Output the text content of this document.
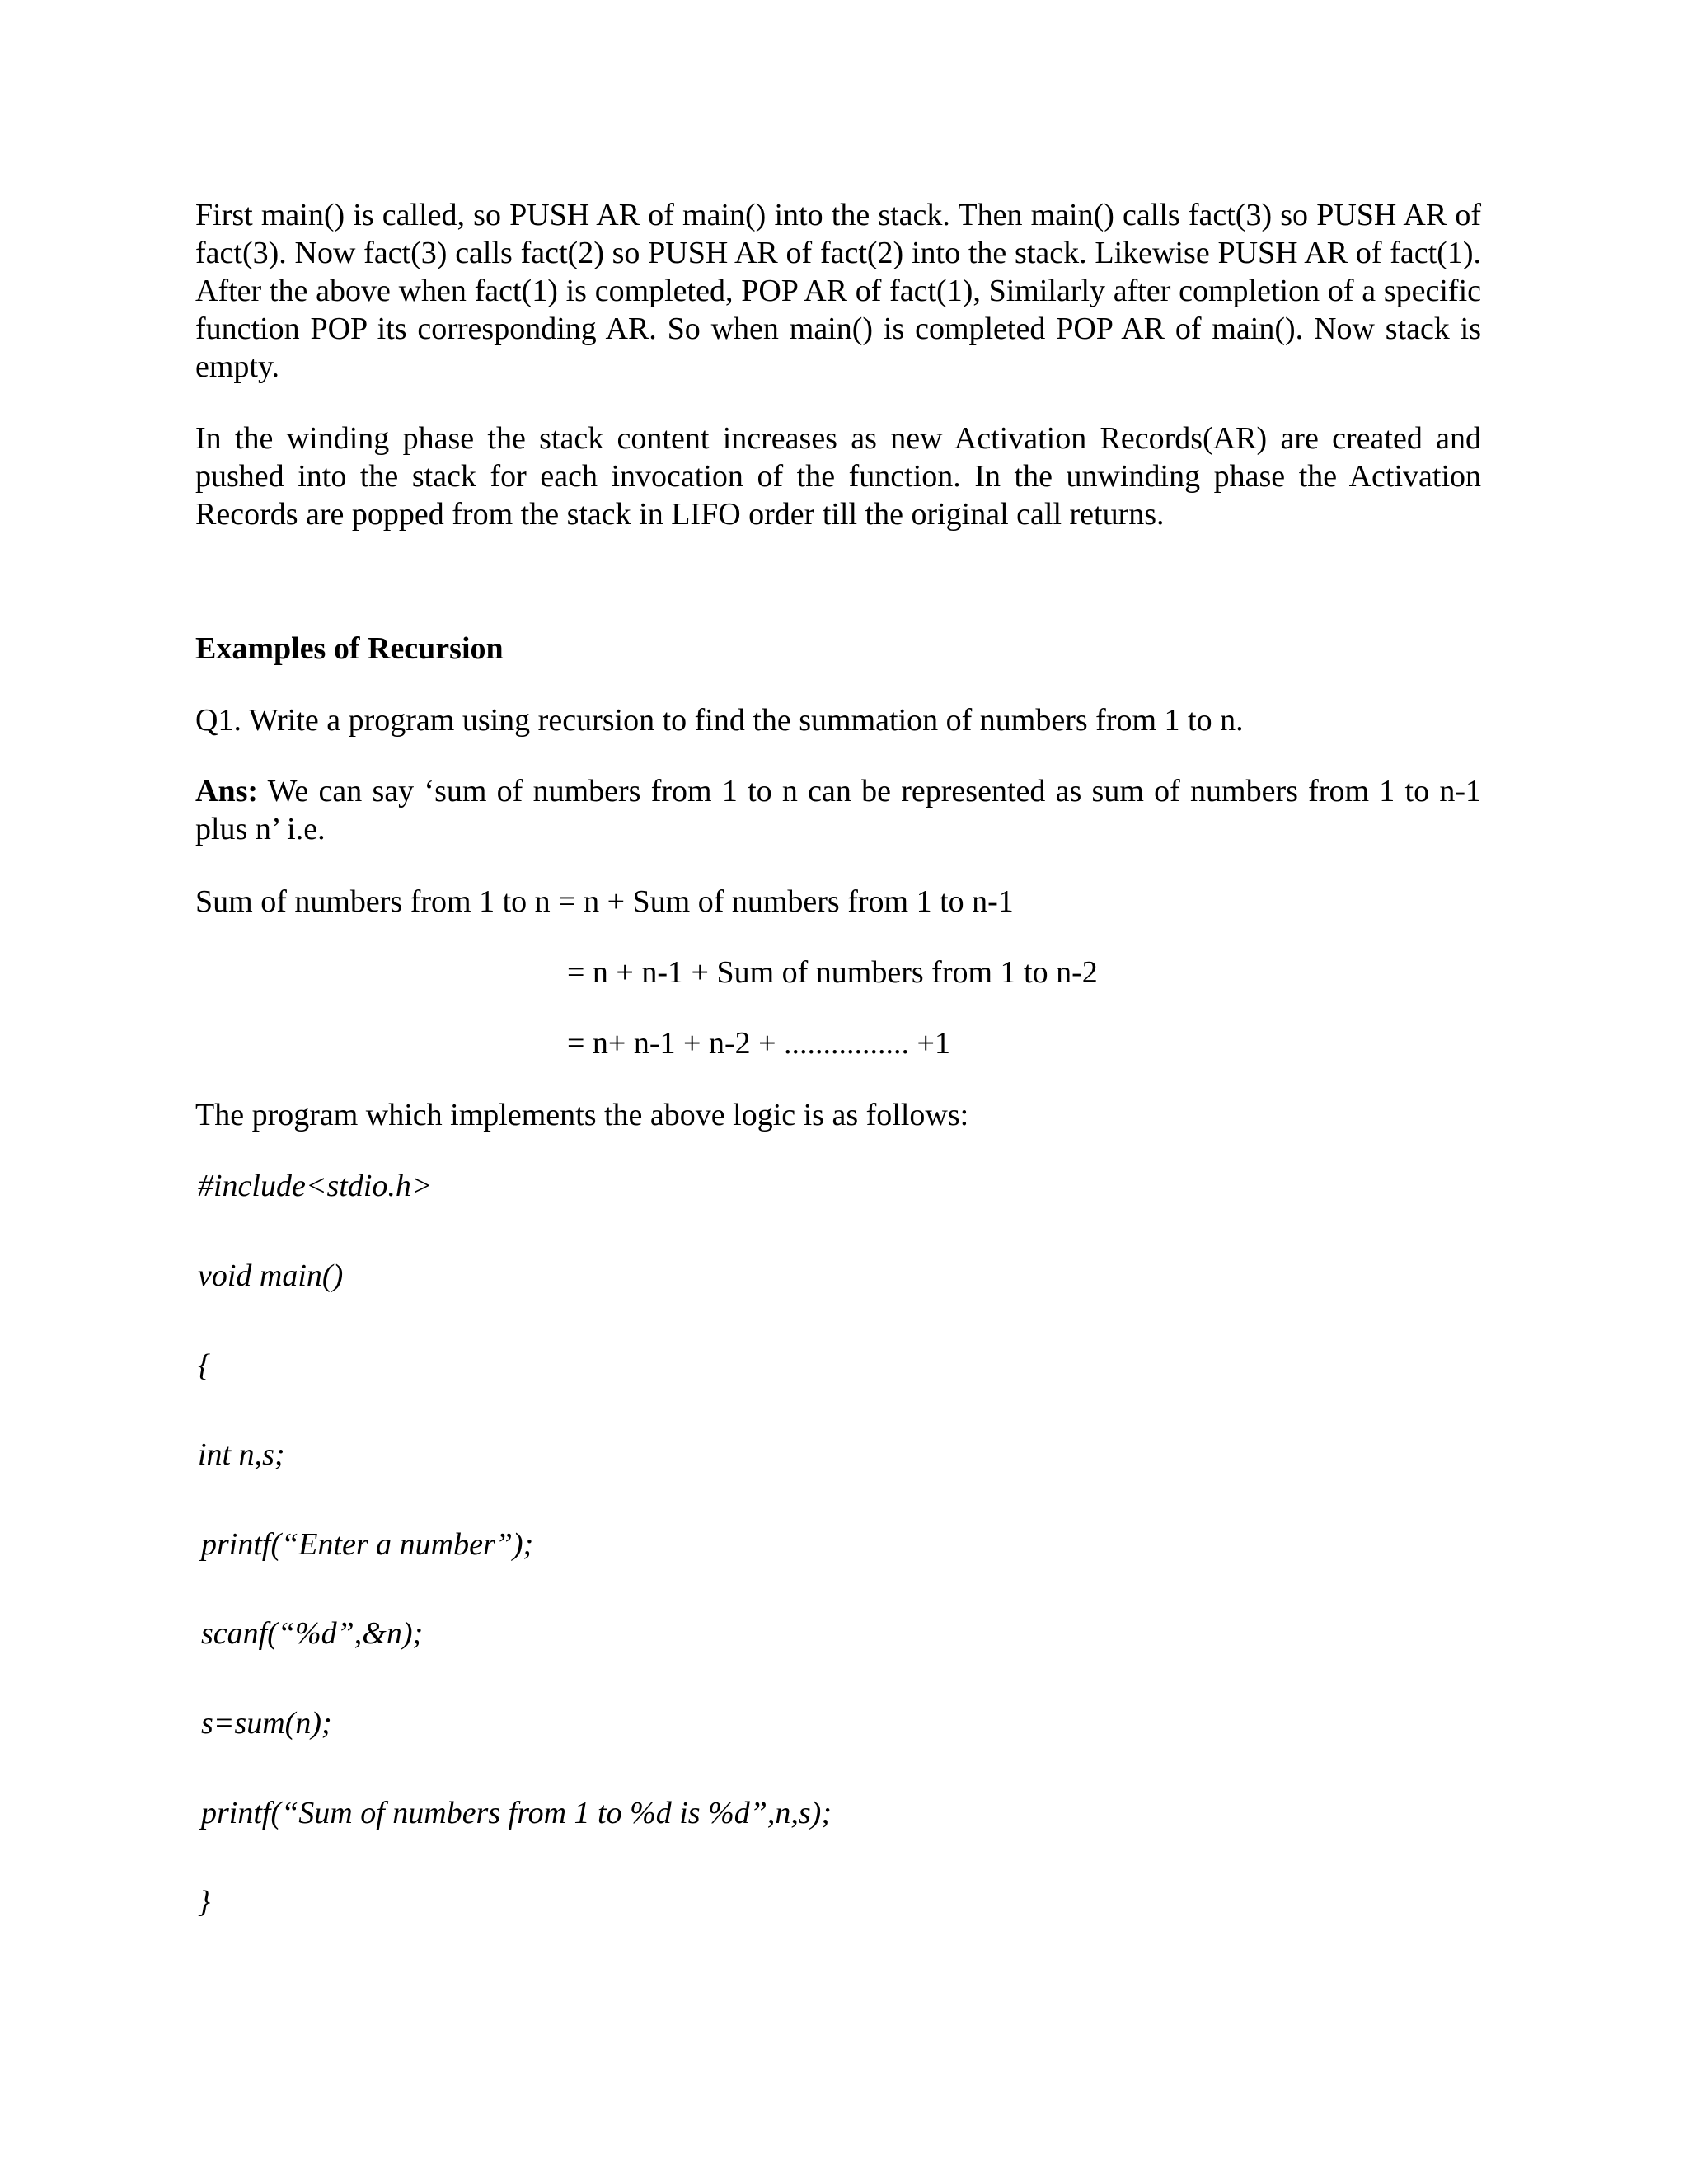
First main() is called, so PUSH AR of main() into the stack. Then main() calls fact(3) so PUSH AR of fact(3). Now fact(3) calls fact(2) so PUSH AR of fact(2) into the stack. Likewise PUSH AR of fact(1). After the above when fact(1) is completed, POP AR of fact(1), Similarly after completion of a specific function POP its corresponding AR. So when main() is completed POP AR of main(). Now stack is empty.
In the winding phase the stack content increases as new Activation Records(AR) are created and pushed into the stack for each invocation of the function. In the unwinding phase the Activation Records are popped from the stack in LIFO order till the original call returns.
Examples of Recursion
Q1. Write a program using recursion to find the summation of numbers from 1 to n.
Ans: We can say ‘sum of numbers from 1 to n can be represented as sum of numbers from 1 to n-1 plus n’ i.e.
Sum of numbers from 1 to n = n + Sum of numbers from 1 to n-1
= n + n-1 + Sum of numbers from 1 to n-2
= n+ n-1 + n-2 + ................ +1
The program which implements the above logic is as follows:
#include<stdio.h>
void main()
{
int n,s;
printf(“Enter a number”);
scanf(“%d”,&n);
s=sum(n);
printf(“Sum of numbers from 1 to %d is %d”,n,s);
}
